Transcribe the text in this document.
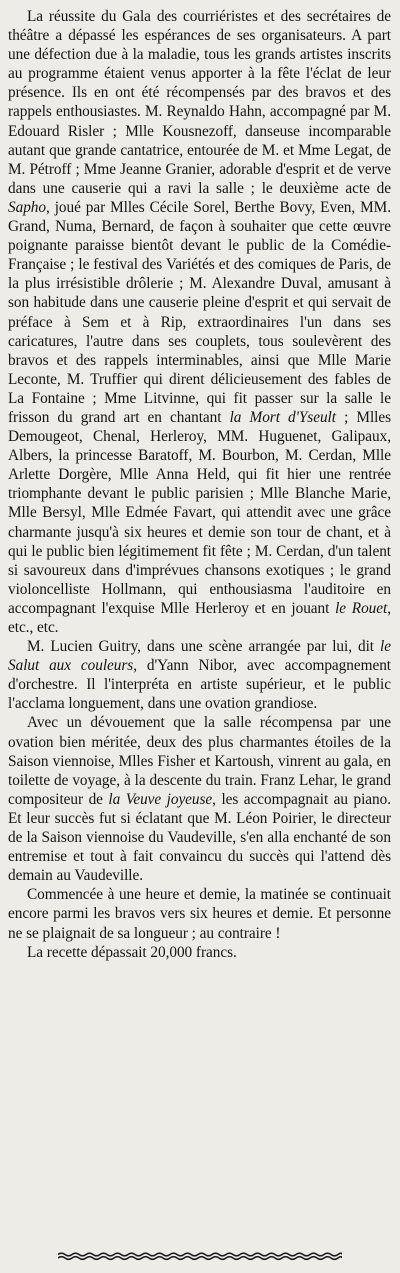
La réussite du Gala des courriéristes et des secrétaires de théâtre a dépassé les espérances de ses organisateurs. A part une défection due à la maladie, tous les grands artistes inscrits au programme étaient venus apporter à la fête l'éclat de leur présence. Ils en ont été récompensés par des bravos et des rappels enthousiastes. M. Reynaldo Hahn, accompagné par M. Edouard Risler ; Mlle Kousnezoff, danseuse incomparable autant que grande cantatrice, entourée de M. et Mme Legat, de M. Pétroff ; Mme Jeanne Granier, adorable d'esprit et de verve dans une causerie qui a ravi la salle ; le deuxième acte de Sapho, joué par Mlles Cécile Sorel, Berthe Bovy, Even, MM. Grand, Numa, Bernard, de façon à souhaiter que cette œuvre poignante paraisse bientôt devant le public de la Comédie-Française ; le festival des Variétés et des comiques de Paris, de la plus irrésistible drôlerie ; M. Alexandre Duval, amusant à son habitude dans une causerie pleine d'esprit et qui servait de préface à Sem et à Rip, extraordinaires l'un dans ses caricatures, l'autre dans ses couplets, tous soulevèrent des bravos et des rappels interminables, ainsi que Mlle Marie Leconte, M. Truffier qui dirent délicieusement des fables de La Fontaine ; Mme Litvinne, qui fit passer sur la salle le frisson du grand art en chantant la Mort d'Yseult ; Mlles Demougeot, Chenal, Herleroy, MM. Huguenet, Galipaux, Albers, la princesse Baratoff, M. Bourbon, M. Cerdan, Mlle Arlette Dorgère, Mlle Anna Held, qui fit hier une rentrée triomphante devant le public parisien ; Mlle Blanche Marie, Mlle Bersyl, Mlle Edmée Favart, qui attendit avec une grâce charmante jusqu'à six heures et demie son tour de chant, et à qui le public bien légitimement fit fête ; M. Cerdan, d'un talent si savoureux dans d'imprévues chansons exotiques ; le grand violoncelliste Hollmann, qui enthousiasma l'auditoire en accompagnant l'exquise Mlle Herleroy et en jouant le Rouet, etc., etc.

M. Lucien Guitry, dans une scène arrangée par lui, dit le Salut aux couleurs, d'Yann Nibor, avec accompagnement d'orchestre. Il l'interpréta en artiste supérieur, et le public l'acclama longuement, dans une ovation grandiose.

Avec un dévouement que la salle récompensa par une ovation bien méritée, deux des plus charmantes étoiles de la Saison viennoise, Mlles Fisher et Kartoush, vinrent au gala, en toilette de voyage, à la descente du train. Franz Lehar, le grand compositeur de la Veuve joyeuse, les accompagnait au piano. Et leur succès fut si éclatant que M. Léon Poirier, le directeur de la Saison viennoise du Vaudeville, s'en alla enchanté de son entremise et tout à fait convaincu du succès qui l'attend dès demain au Vaudeville.

Commencée à une heure et demie, la matinée se continuait encore parmi les bravos vers six heures et demie. Et personne ne se plaignait de sa longueur ; au contraire !

La recette dépassait 20,000 francs.
